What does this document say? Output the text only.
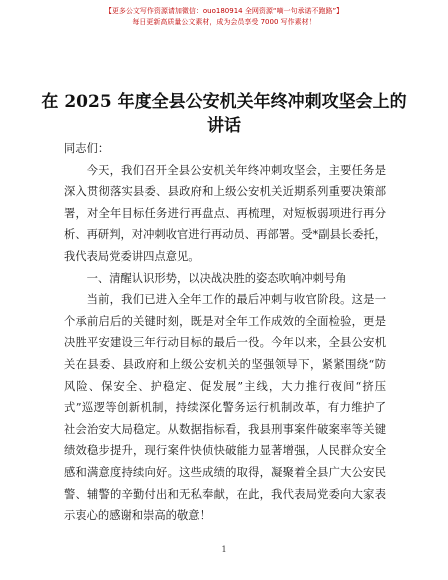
【更多公文写作资源请加微信：ouo180914 全网资源“嘀一句承诺不跑路”】
每日更新高质量公文素材，成为会员享受 7000 写作素材！
在 2025 年度全县公安机关年终冲刺攻坚会上的讲话

同志们：

今天，我们召开全县公安机关年终冲刺攻坚会，主要任务是深入贯彻落实县委、县政府和上级公安机关近期系列重要决策部署，对全年目标任务进行再盘点、再梳理，对短板弱项进行再分析、再研判，对冲刺收官进行再动员、再部署。受*副县长委托，我代表局党委讲四点意见。

一、清醒认识形势，以决战决胜的姿态吹响冲刺号角

当前，我们已进入全年工作的最后冲刺与收官阶段。这是一个承前启后的关键时刻，既是对全年工作成效的全面检验，更是决胜平安建设三年行动目标的最后一役。今年以来，全县公安机关在县委、县政府和上级公安机关的坚强领导下，紧紧围绕“防风险、保安全、护稳定、促发展”主线，大力推行夜间“挤压式”巡逻等创新机制，持续深化警务运行机制改革，有力维护了社会治安大局稳定。从数据指标看，我县刑事案件破案率等关键绩效稳步提升，现行案件快侦快破能力显著增强，人民群众安全感和满意度持续向好。这些成绩的取得，凝聚着全县广大公安民警、辅警的辛勤付出和无私奉献，在此，我代表局党委向大家表示衷心的感谢和崇高的敬意！

1
